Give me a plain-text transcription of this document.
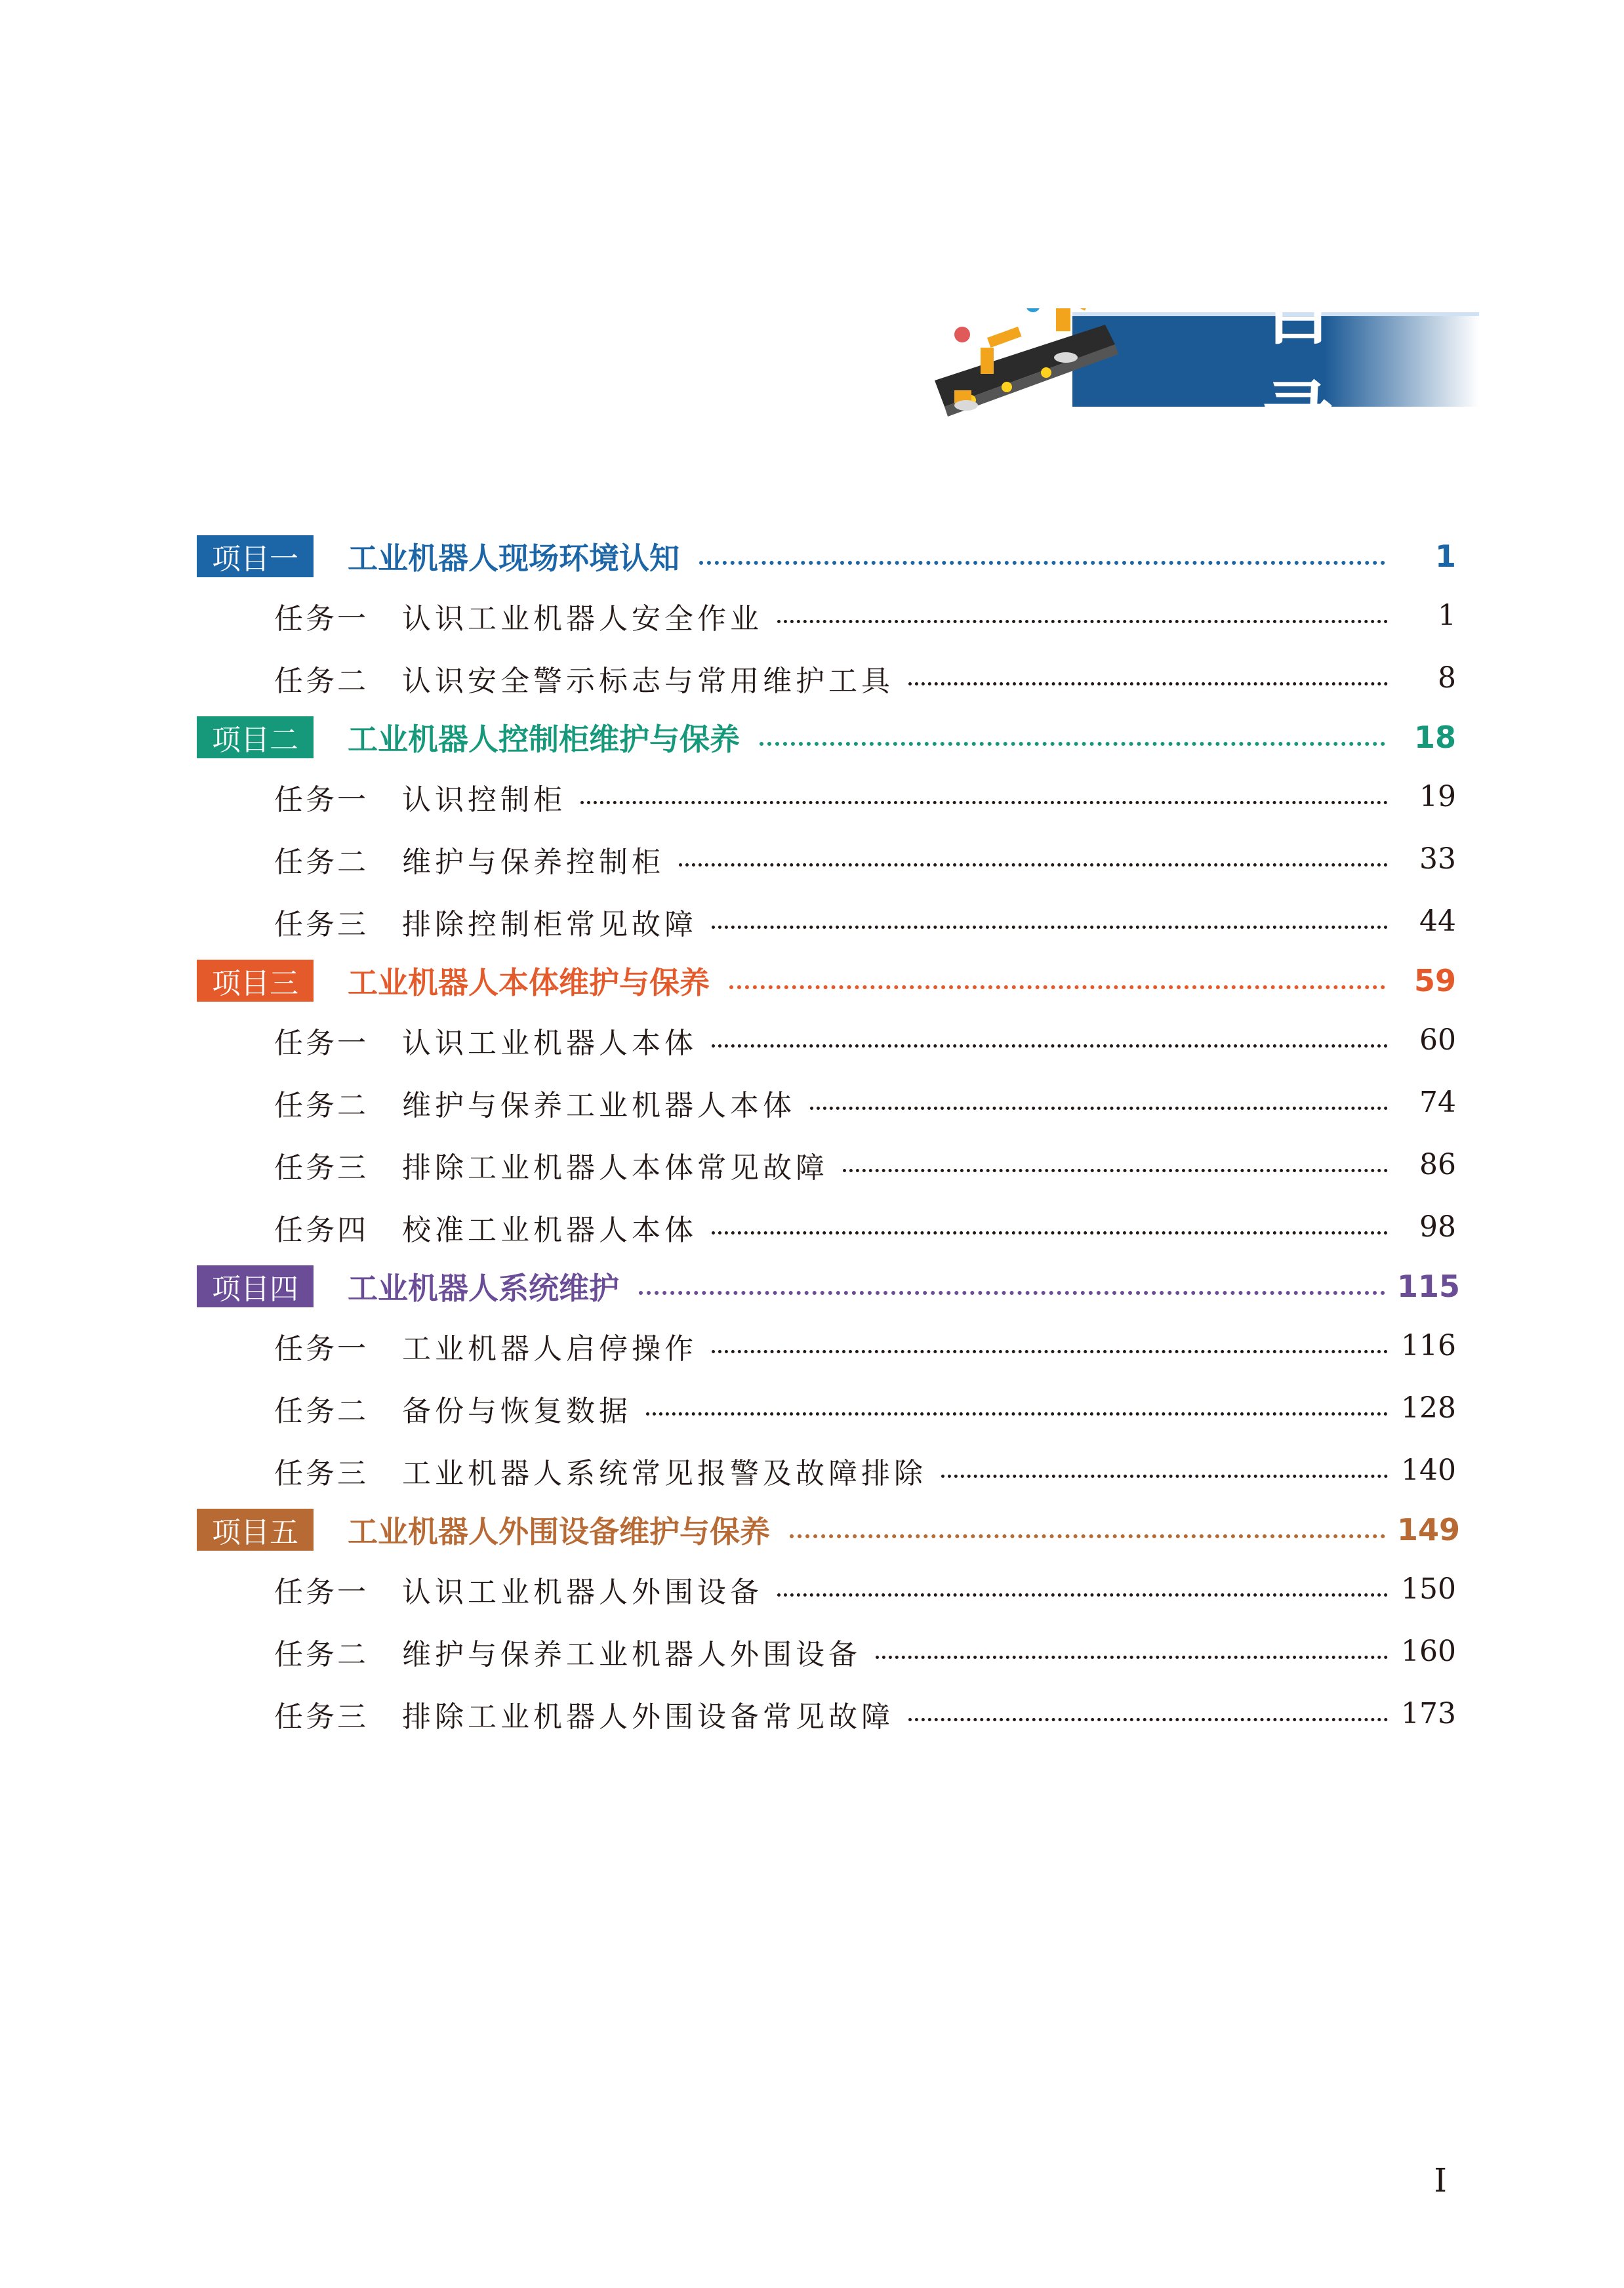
目 录
项目一	工业机器人现场环境认知	1
任务一	认识工业机器人安全作业	1
任务二	认识安全警示标志与常用维护工具	8
项目二	工业机器人控制柜维护与保养	18
任务一	认识控制柜	19
任务二	维护与保养控制柜	33
任务三	排除控制柜常见故障	44
项目三	工业机器人本体维护与保养	59
任务一	认识工业机器人本体	60
任务二	维护与保养工业机器人本体	74
任务三	排除工业机器人本体常见故障	86
任务四	校准工业机器人本体	98
项目四	工业机器人系统维护	115
任务一	工业机器人启停操作	116
任务二	备份与恢复数据	128
任务三	工业机器人系统常见报警及故障排除	140
项目五	工业机器人外围设备维护与保养	149
任务一	认识工业机器人外围设备	150
任务二	维护与保养工业机器人外围设备	160
任务三	排除工业机器人外围设备常见故障	173
I
